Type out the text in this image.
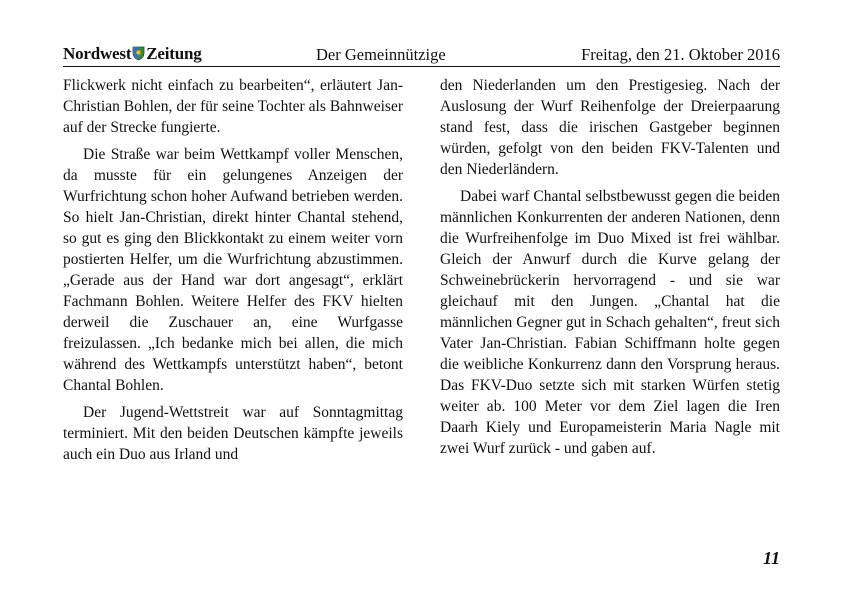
Nordwest Zeitung	Der Gemeinnützige	Freitag, den 21. Oktober 2016

Flickwerk nicht einfach zu bearbeiten“, erläutert Jan-Christian Bohlen, der für seine Tochter als Bahnweiser auf der Strecke fungierte.

Die Straße war beim Wettkampf voller Menschen, da musste für ein gelungenes Anzeigen der Wurfrichtung schon hoher Aufwand betrieben werden. So hielt Jan-Christian, direkt hinter Chantal stehend, so gut es ging den Blickkontakt zu einem weiter vorn postierten Helfer, um die Wurfrichtung abzustimmen. „Gerade aus der Hand war dort angesagt“, erklärt Fachmann Bohlen. Weitere Helfer des FKV hielten derweil die Zuschauer an, eine Wurfgasse freizulassen. „Ich bedanke mich bei allen, die mich während des Wettkampfs unterstützt haben“, betont Chantal Bohlen.

Der Jugend-Wettstreit war auf Sonntagmittag terminiert. Mit den beiden Deutschen kämpfte jeweils auch ein Duo aus Irland und

den Niederlanden um den Prestigesieg. Nach der Auslosung der Wurf Reihenfolge der Dreierpaarung stand fest, dass die irischen Gastgeber beginnen würden, gefolgt von den beiden FKV-Talenten und den Niederländern.

Dabei warf Chantal selbstbewusst gegen die beiden männlichen Konkurrenten der anderen Nationen, denn die Wurfreihenfolge im Duo Mixed ist frei wählbar. Gleich der Anwurf durch die Kurve gelang der Schweinebrückerin hervorragend - und sie war gleichauf mit den Jungen. „Chantal hat die männlichen Gegner gut in Schach gehalten“, freut sich Vater Jan-Christian. Fabian Schiffmann holte gegen die weibliche Konkurrenz dann den Vorsprung heraus. Das FKV-Duo setzte sich mit starken Würfen stetig weiter ab. 100 Meter vor dem Ziel lagen die Iren Daarh Kiely und Europameisterin Maria Nagle mit zwei Wurf zurück - und gaben auf.

11
